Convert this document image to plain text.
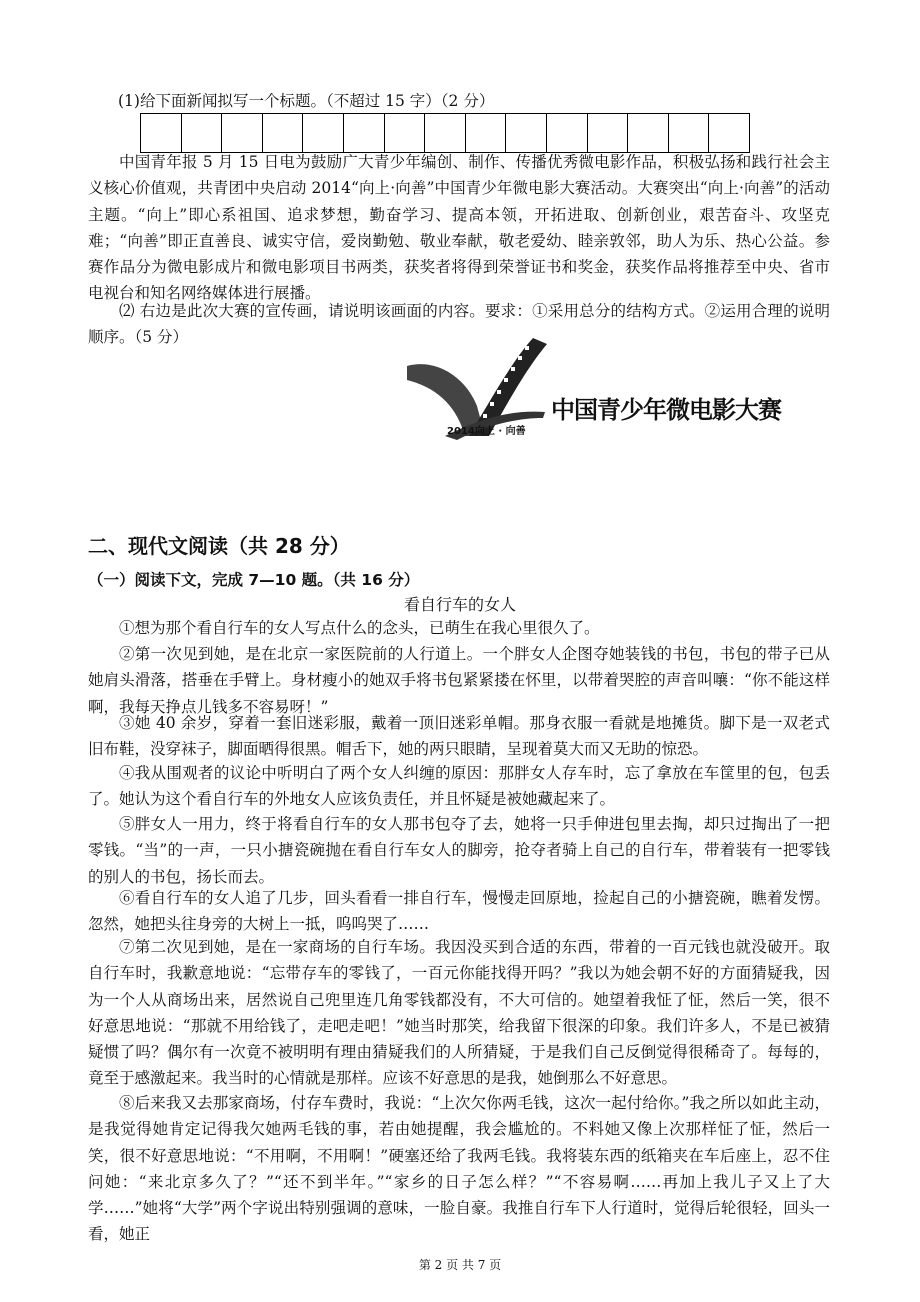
(1)给下面新闻拟写一个标题。（不超过 15 字）（2 分）

中国青年报 5 月 15 日电为鼓励广大青少年编创、制作、传播优秀微电影作品，积极弘扬和践行社会主义核心价值观，共青团中央启动 2014“向上·向善”中国青少年微电影大赛活动。大赛突出“向上·向善”的活动主题。“向上”即心系祖国、追求梦想，勤奋学习、提高本领，开拓进取、创新创业，艰苦奋斗、攻坚克难；“向善”即正直善良、诚实守信，爱岗勤勉、敬业奉献，敬老爱幼、睦亲敦邻，助人为乐、热心公益。参赛作品分为微电影成片和微电影项目书两类，获奖者将得到荣誉证书和奖金，获奖作品将推荐至中央、省市电视台和知名网络媒体进行展播。

⑵ 右边是此次大赛的宣传画，请说明该画面的内容。要求：①采用总分的结构方式。②运用合理的说明顺序。（5 分）

2014向上 · 向善
中国青少年微电影大赛
二、现代文阅读（共 28 分）
（一）阅读下文，完成 7—10 题。（共 16 分）
看自行车的女人

①想为那个看自行车的女人写点什么的念头，已萌生在我心里很久了。

②第一次见到她，是在北京一家医院前的人行道上。一个胖女人企图夺她装钱的书包，书包的带子已从她肩头滑落，搭垂在手臂上。身材瘦小的她双手将书包紧紧搂在怀里，以带着哭腔的声音叫嚷：“你不能这样啊，我每天挣点儿钱多不容易呀！”

③她 40 余岁，穿着一套旧迷彩服，戴着一顶旧迷彩单帽。那身衣服一看就是地摊货。脚下是一双老式旧布鞋，没穿袜子，脚面晒得很黑。帽舌下，她的两只眼睛，呈现着莫大而又无助的惊恐。

④我从围观者的议论中听明白了两个女人纠缠的原因：那胖女人存车时，忘了拿放在车筐里的包，包丢了。她认为这个看自行车的外地女人应该负责任，并且怀疑是被她藏起来了。

⑤胖女人一用力，终于将看自行车的女人那书包夺了去，她将一只手伸进包里去掏，却只过掏出了一把零钱。“当”的一声，一只小搪瓷碗抛在看自行车女人的脚旁，抢夺者骑上自己的自行车，带着装有一把零钱的别人的书包，扬长而去。

⑥看自行车的女人追了几步，回头看看一排自行车，慢慢走回原地，捡起自己的小搪瓷碗，瞧着发愣。忽然，她把头往身旁的大树上一抵，呜呜哭了……

⑦第二次见到她，是在一家商场的自行车场。我因没买到合适的东西，带着的一百元钱也就没破开。取自行车时，我歉意地说：“忘带存车的零钱了，一百元你能找得开吗？”我以为她会朝不好的方面猜疑我，因为一个人从商场出来，居然说自己兜里连几角零钱都没有，不大可信的。她望着我怔了怔，然后一笑，很不好意思地说：“那就不用给钱了，走吧走吧！”她当时那笑，给我留下很深的印象。我们许多人，不是已被猜疑惯了吗？偶尔有一次竟不被明明有理由猜疑我们的人所猜疑，于是我们自己反倒觉得很稀奇了。每每的，竟至于感激起来。我当时的心情就是那样。应该不好意思的是我，她倒那么不好意思。

⑧后来我又去那家商场，付存车费时，我说：“上次欠你两毛钱，这次一起付给你。”我之所以如此主动，是我觉得她肯定记得我欠她两毛钱的事，若由她提醒，我会尴尬的。不料她又像上次那样怔了怔，然后一笑，很不好意思地说：“不用啊，不用啊！”硬塞还给了我两毛钱。我将装东西的纸箱夹在车后座上，忍不住问她：“来北京多久了？”“还不到半年。”“家乡的日子怎么样？”“不容易啊……再加上我儿子又上了大学……”她将“大学”两个字说出特别强调的意味，一脸自豪。我推自行车下人行道时，觉得后轮很轻，回头一看，她正

第 2 页 共 7 页
